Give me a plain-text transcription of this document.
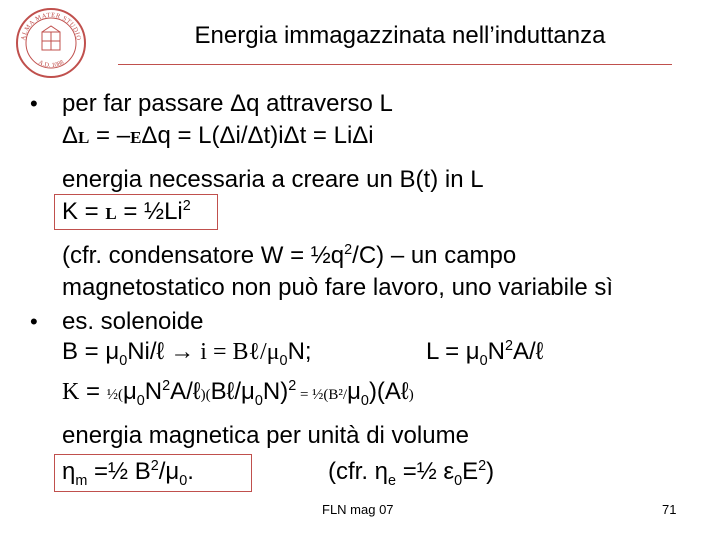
ALMA MATER STUDIO
A.D. 1088
Energia immagazzinata nell’induttanza
• per far passare Δq attraverso L
ΔL = –EΔq = L(Δi/Δt)iΔt = LiΔi
energia necessaria a creare un B(t) in L
$K = L = \frac{1}{2}Li^2$
(cfr. condensatore $W = \frac{1}{2}q^2/C$) – un campo
magnetostatico non può fare lavoro, uno variabile sì
• es. solenoide
$B = \mu_0Ni/\ell \to i$ = $B\ell/\mu_0N$;	$L = \mu_0N^2A/\ell$
$K = \frac{1}{2}(\mu_0N^2A/\ell)(B\ell/\mu_0N)^2$ = $\frac{1}{2}(B^2/\mu_0)(A\ell)$
energia magnetica per unità di volume
$\eta_m$ =½ $B^2/\mu_0$.	(cfr. $\eta_e$ =½ $\varepsilon_0E^2$)
FLN mag 07	71
